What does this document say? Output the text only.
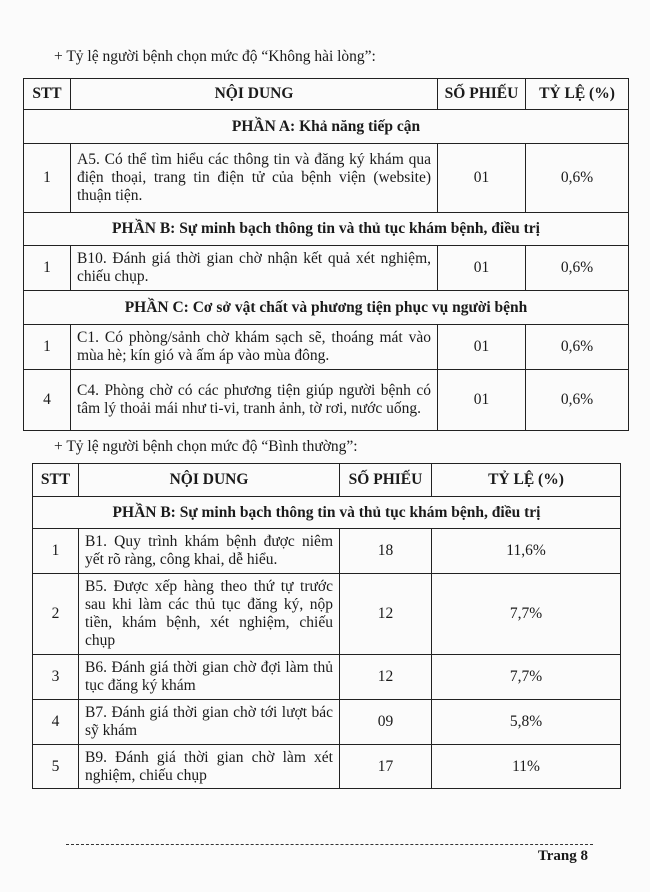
+ Tỷ lệ người bệnh chọn mức độ “Không hài lòng”:
STT	NỘI DUNG	SỐ PHIẾU	TỶ LỆ (%)
PHẦN A: Khả năng tiếp cận			
1	A5. Có thể tìm hiểu các thông tin và đăng ký khám qua điện thoại, trang tin điện tử của bệnh viện (website) thuận tiện.	01	0,6%
PHẦN B: Sự minh bạch thông tin và thủ tục khám bệnh, điều trị			
1	B10. Đánh giá thời gian chờ nhận kết quả xét nghiệm, chiếu chụp.	01	0,6%
PHẦN C: Cơ sở vật chất và phương tiện phục vụ người bệnh			
1	C1. Có phòng/sảnh chờ khám sạch sẽ, thoáng mát vào mùa hè; kín gió và ấm áp vào mùa đông.	01	0,6%
4	C4. Phòng chờ có các phương tiện giúp người bệnh có tâm lý thoải mái như ti-vi, tranh ảnh, tờ rơi, nước uống.	01	0,6%
+ Tỷ lệ người bệnh chọn mức độ “Bình thường”:
STT	NỘI DUNG	SỐ PHIẾU	TỶ LỆ (%)
PHẦN B: Sự minh bạch thông tin và thủ tục khám bệnh, điều trị			
1	B1. Quy trình khám bệnh được niêm yết rõ ràng, công khai, dễ hiểu.	18	11,6%
2	B5. Được xếp hàng theo thứ tự trước sau khi làm các thủ tục đăng ký, nộp tiền, khám bệnh, xét nghiệm, chiếu chụp	12	7,7%
3	B6. Đánh giá thời gian chờ đợi làm thủ tục đăng ký khám	12	7,7%
4	B7. Đánh giá thời gian chờ tới lượt bác sỹ khám	09	5,8%
5	B9. Đánh giá thời gian chờ làm xét nghiệm, chiếu chụp	17	11%
Trang 8
